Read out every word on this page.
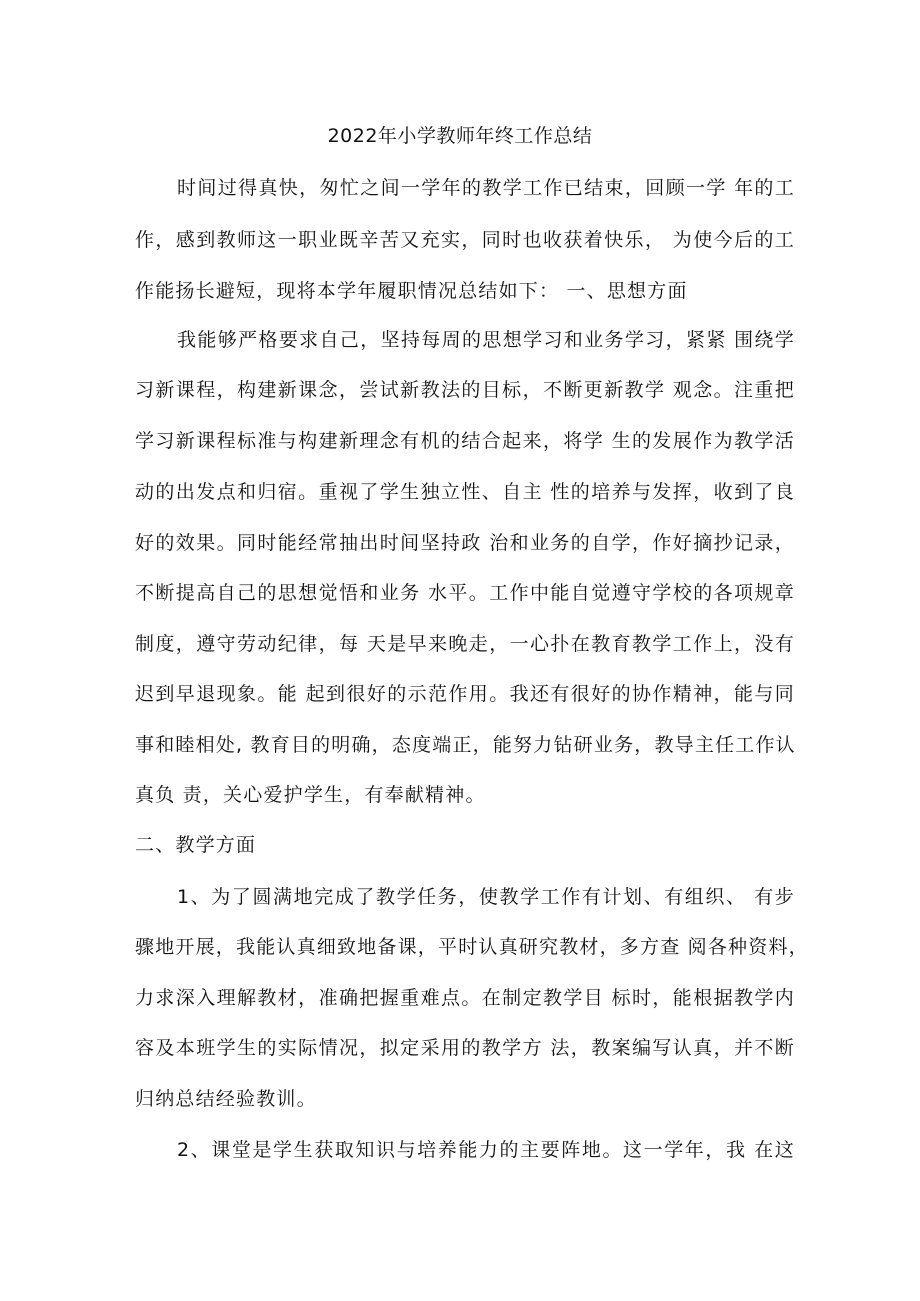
2022年小学教师年终工作总结

时间过得真快，匆忙之间一学年的教学工作已结束，回顾一学 年的工

作，感到教师这一职业既辛苦又充实，同时也收获着快乐， 为使今后的工

作能扬长避短，现将本学年履职情况总结如下： 一、思想方面

我能够严格要求自己，坚持每周的思想学习和业务学习，紧紧 围绕学

习新课程，构建新课念，尝试新教法的目标，不断更新教学 观念。注重把

学习新课程标准与构建新理念有机的结合起来，将学 生的发展作为教学活

动的出发点和归宿。重视了学生独立性、自主 性的培养与发挥，收到了良

好的效果。同时能经常抽出时间坚持政 治和业务的自学，作好摘抄记录，

不断提高自己的思想觉悟和业务 水平。工作中能自觉遵守学校的各项规章

制度，遵守劳动纪律，每 天是早来晚走，一心扑在教育教学工作上，没有

迟到早退现象。能 起到很好的示范作用。我还有很好的协作精神，能与同

事和睦相处, 教育目的明确，态度端正，能努力钻研业务，教导主任工作认

真负 责，关心爱护学生，有奉献精神。

二、教学方面

1、为了圆满地完成了教学任务，使教学工作有计划、有组织、 有步

骤地开展，我能认真细致地备课，平时认真研究教材，多方查 阅各种资料，

力求深入理解教材，准确把握重难点。在制定教学目 标时，能根据教学内

容及本班学生的实际情况，拟定采用的教学方 法，教案编写认真，并不断

归纳总结经验教训。

2、课堂是学生获取知识与培养能力的主要阵地。这一学年，我 在这
